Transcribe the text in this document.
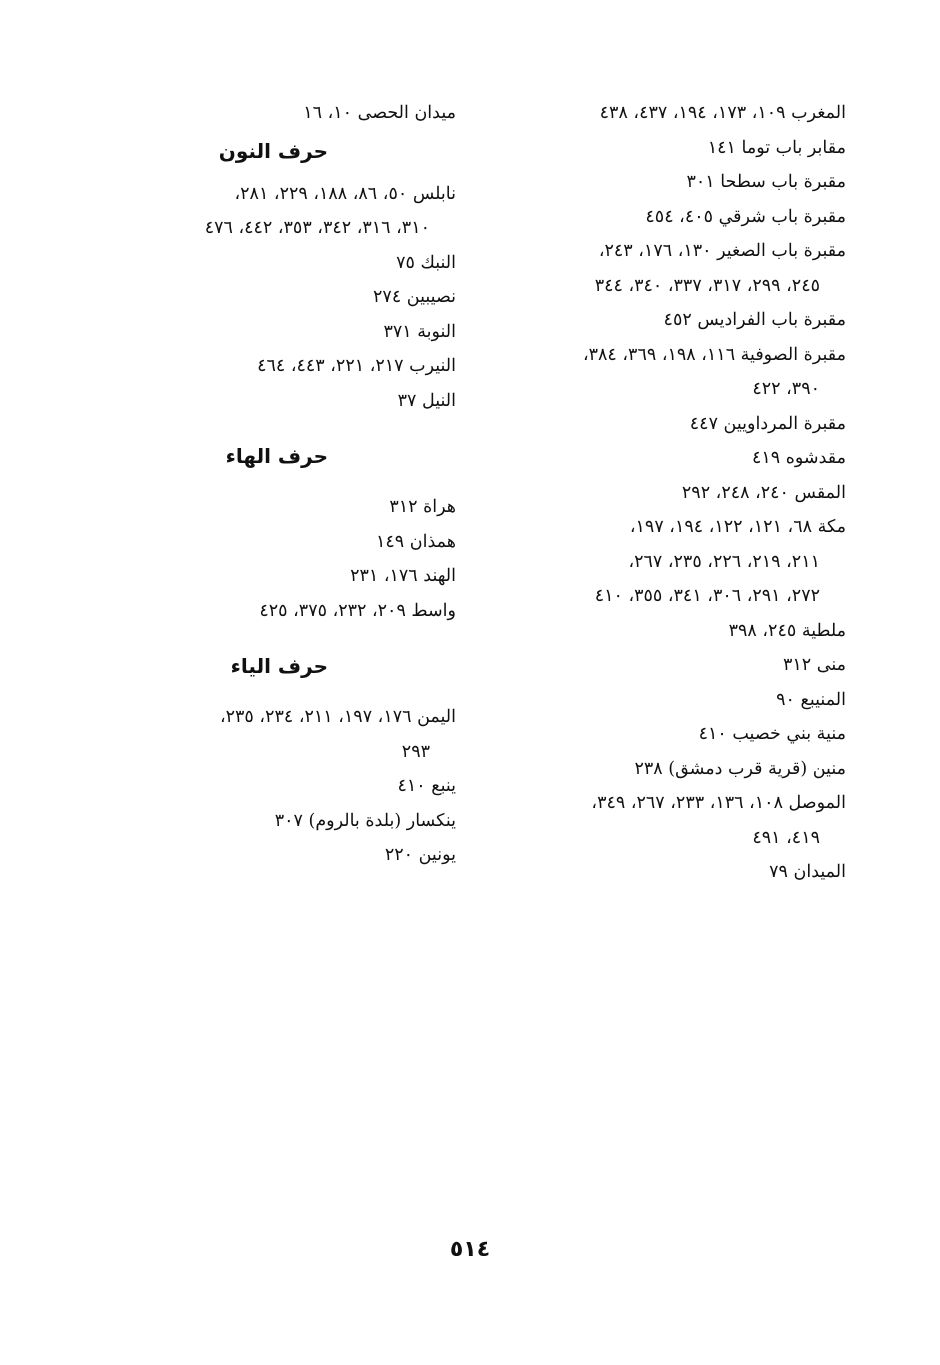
المغرب ١٠٩، ١٧٣، ١٩٤، ٤٣٧، ٤٣٨
مقابر باب توما ١٤١
مقبرة باب سطحا ٣٠١
مقبرة باب شرقي ٤٠٥، ٤٥٤
مقبرة باب الصغير ١٣٠، ١٧٦، ٢٤٣،
٢٤٥، ٢٩٩، ٣١٧، ٣٣٧، ٣٤٠، ٣٤٤
مقبرة باب الفراديس ٤٥٢
مقبرة الصوفية ١١٦، ١٩٨، ٣٦٩، ٣٨٤،
٣٩٠، ٤٢٢
مقبرة المرداويين ٤٤٧
مقدشوه ٤١٩
المقس ٢٤٠، ٢٤٨، ٢٩٢
مكة ٦٨، ١٢١، ١٢٢، ١٩٤، ١٩٧،
٢١١، ٢١٩، ٢٢٦، ٢٣٥، ٢٦٧،
٢٧٢، ٢٩١، ٣٠٦، ٣٤١، ٣٥٥، ٤١٠
ملطية ٢٤٥، ٣٩٨
منى ٣١٢
المنيبع ٩٠
منية بني خصيب ٤١٠
منين (قرية قرب دمشق) ٢٣٨
الموصل ١٠٨، ١٣٦، ٢٣٣، ٢٦٧، ٣٤٩،
٤١٩، ٤٩١
الميدان ٧٩
ميدان الحصى ١٠، ١٦
حرف النون
نابلس ٥٠، ٨٦، ١٨٨، ٢٢٩، ٢٨١،
٣١٠، ٣١٦، ٣٤٢، ٣٥٣، ٤٤٢، ٤٧٦
النبك ٧٥
نصيبين ٢٧٤
النوبة ٣٧١
النيرب ٢١٧، ٢٢١، ٤٤٣، ٤٦٤
النيل ٣٧
حرف الهاء
هراة ٣١٢
همذان ١٤٩
الهند ١٧٦، ٢٣١
واسط ٢٠٩، ٢٣٢، ٣٧٥، ٤٢٥
حرف الياء
اليمن ١٧٦، ١٩٧، ٢١١، ٢٣٤، ٢٣٥،
٢٩٣
ينبع ٤١٠
ينكسار (بلدة بالروم) ٣٠٧
يونين ٢٢٠
٥١٤
